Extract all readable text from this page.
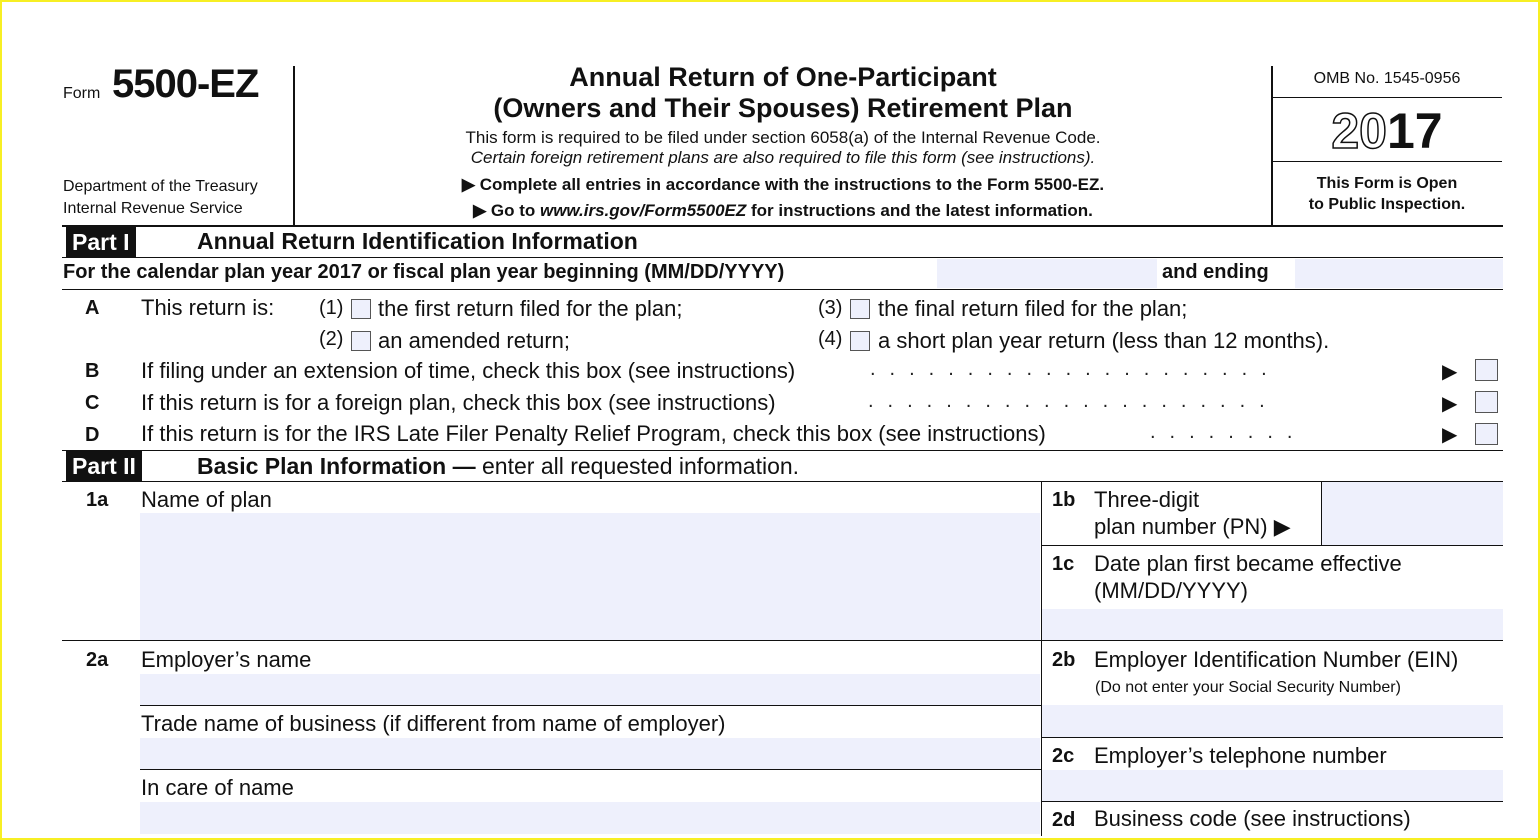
Form 5500-EZ
Department of the Treasury
Internal Revenue Service
Annual Return of One-Participant
(Owners and Their Spouses) Retirement Plan
This form is required to be filed under section 6058(a) of the Internal Revenue Code.
Certain foreign retirement plans are also required to file this form (see instructions).
▶ Complete all entries in accordance with the instructions to the Form 5500-EZ.
▶ Go to www.irs.gov/Form5500EZ for instructions and the latest information.
OMB No. 1545-0956
2017
This Form is Open
to Public Inspection.
Part I	Annual Return Identification Information
For the calendar plan year 2017 or fiscal plan year beginning (MM/DD/YYYY)	and ending
A This return is: (1) the first return filed for the plan;	(3) the final return filed for the plan;
(2) an amended return;	(4) a short plan year return (less than 12 months).
B If filing under an extension of time, check this box (see instructions)	.....................	▶
C If this return is for a foreign plan, check this box (see instructions)	.....................	▶
D If this return is for the IRS Late Filer Penalty Relief Program, check this box (see instructions)	........	▶
Part II	Basic Plan Information — enter all requested information.
1a Name of plan	1b Three-digit
plan number (PN) ▶
1c Date plan first became effective
(MM/DD/YYYY)
2a Employer’s name
Trade name of business (if different from name of employer)
In care of name
2b Employer Identification Number (EIN)
(Do not enter your Social Security Number)
2c Employer’s telephone number
2d Business code (see instructions)
